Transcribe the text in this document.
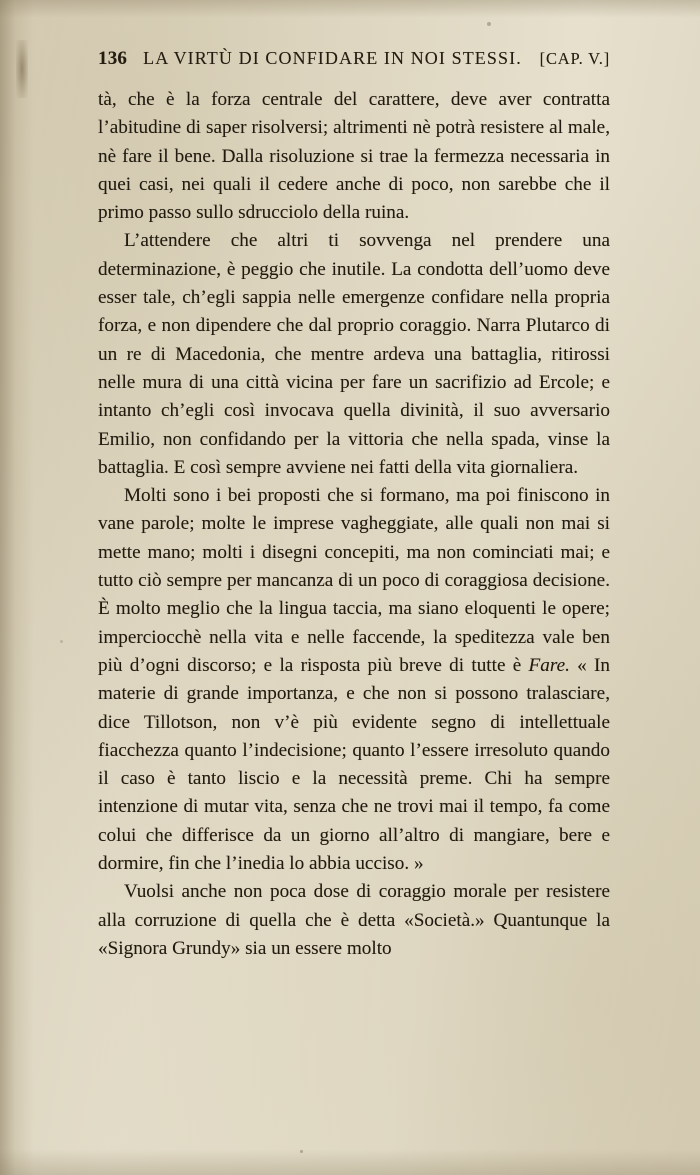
136 LA VIRTÙ DI CONFIDARE IN NOI STESSI. [CAP. V.]

tà, che è la forza centrale del carattere, deve aver contratta l’abitudine di saper risolversi; altrimenti nè potrà resistere al male, nè fare il bene. Dalla risoluzione si trae la fermezza necessaria in quei casi, nei quali il cedere anche di poco, non sarebbe che il primo passo sullo sdrucciolo della ruina.

L’attendere che altri ti sovvenga nel prendere una determinazione, è peggio che inutile. La condotta dell’uomo deve esser tale, ch’egli sappia nelle emergenze confidare nella propria forza, e non dipendere che dal proprio coraggio. Narra Plutarco di un re di Macedonia, che mentre ardeva una battaglia, ritirossi nelle mura di una città vicina per fare un sacrifizio ad Ercole; e intanto ch’egli così invocava quella divinità, il suo avversario Emilio, non confidando per la vittoria che nella spada, vinse la battaglia. E così sempre avviene nei fatti della vita giornaliera.

Molti sono i bei proposti che si formano, ma poi finiscono in vane parole; molte le imprese vagheggiate, alle quali non mai si mette mano; molti i disegni concepiti, ma non cominciati mai; e tutto ciò sempre per mancanza di un poco di coraggiosa decisione. È molto meglio che la lingua taccia, ma siano eloquenti le opere; imperciocchè nella vita e nelle faccende, la speditezza vale ben più d’ogni discorso; e la risposta più breve di tutte è Fare. « In materie di grande importanza, e che non si possono tralasciare, dice Tillotson, non v’è più evidente segno di intellettuale fiacchezza quanto l’indecisione; quanto l’essere irresoluto quando il caso è tanto liscio e la necessità preme. Chi ha sempre intenzione di mutar vita, senza che ne trovi mai il tempo, fa come colui che differisce da un giorno all’altro di mangiare, bere e dormire, fin che l’inedia lo abbia ucciso. »

Vuolsi anche non poca dose di coraggio morale per resistere alla corruzione di quella che è detta «Società.» Quantunque la «Signora Grundy» sia un essere molto
